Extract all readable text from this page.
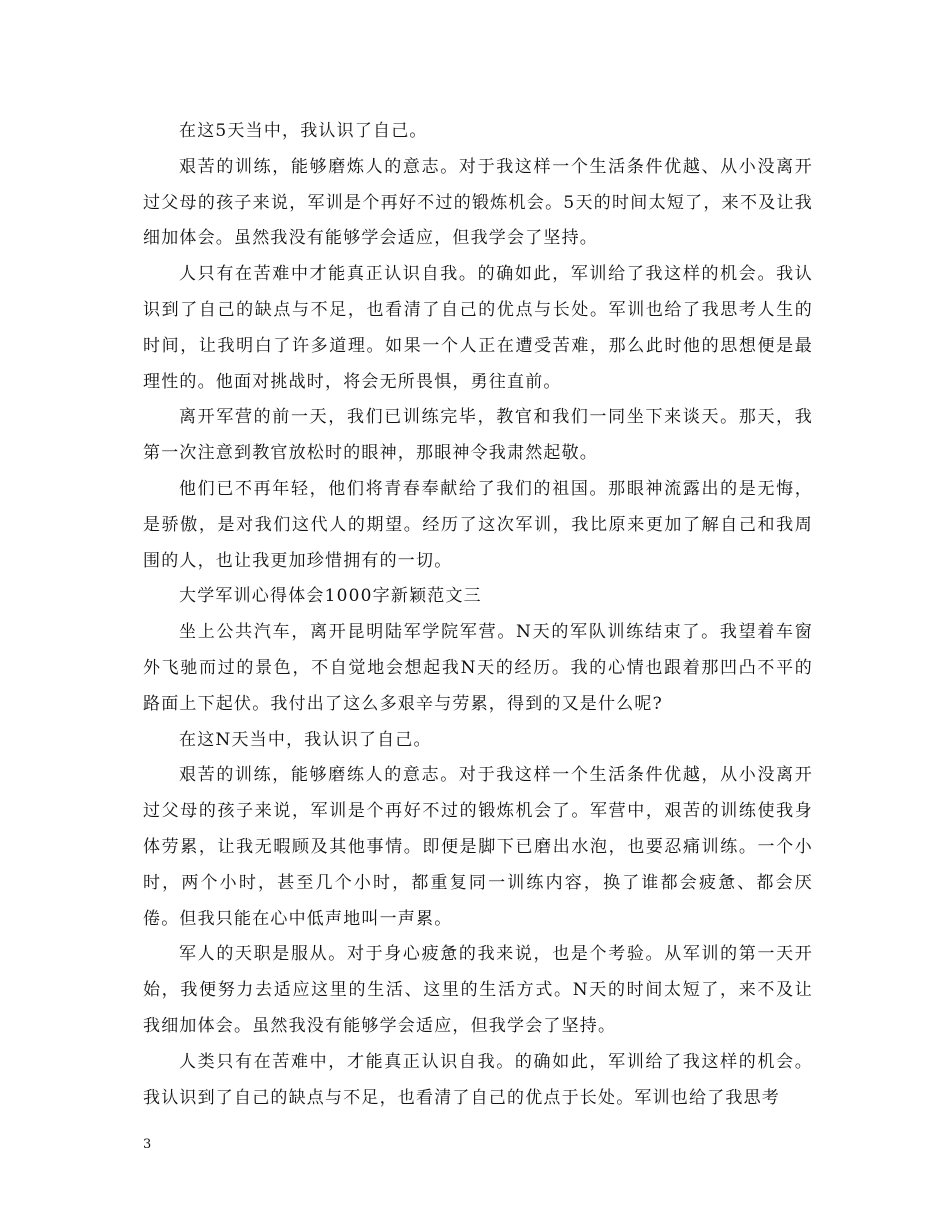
在这5天当中，我认识了自己。

艰苦的训练，能够磨炼人的意志。对于我这样一个生活条件优越、从小没离开过父母的孩子来说，军训是个再好不过的锻炼机会。5天的时间太短了，来不及让我细加体会。虽然我没有能够学会适应，但我学会了坚持。

人只有在苦难中才能真正认识自我。的确如此，军训给了我这样的机会。我认识到了自己的缺点与不足，也看清了自己的优点与长处。军训也给了我思考人生的时间，让我明白了许多道理。如果一个人正在遭受苦难，那么此时他的思想便是最理性的。他面对挑战时，将会无所畏惧，勇往直前。

离开军营的前一天，我们已训练完毕，教官和我们一同坐下来谈天。那天，我第一次注意到教官放松时的眼神，那眼神令我肃然起敬。

他们已不再年轻，他们将青春奉献给了我们的祖国。那眼神流露出的是无悔，是骄傲，是对我们这代人的期望。经历了这次军训，我比原来更加了解自己和我周围的人，也让我更加珍惜拥有的一切。

大学军训心得体会1000字新颖范文三

坐上公共汽车，离开昆明陆军学院军营。N天的军队训练结束了。我望着车窗外飞驰而过的景色，不自觉地会想起我N天的经历。我的心情也跟着那凹凸不平的路面上下起伏。我付出了这么多艰辛与劳累，得到的又是什么呢?

在这N天当中，我认识了自己。

艰苦的训练，能够磨练人的意志。对于我这样一个生活条件优越，从小没离开过父母的孩子来说，军训是个再好不过的锻炼机会了。军营中，艰苦的训练使我身体劳累，让我无暇顾及其他事情。即便是脚下已磨出水泡，也要忍痛训练。一个小时，两个小时，甚至几个小时，都重复同一训练内容，换了谁都会疲惫、都会厌倦。但我只能在心中低声地叫一声累。

军人的天职是服从。对于身心疲惫的我来说，也是个考验。从军训的第一天开始，我便努力去适应这里的生活、这里的生活方式。N天的时间太短了，来不及让我细加体会。虽然我没有能够学会适应，但我学会了坚持。

人类只有在苦难中，才能真正认识自我。的确如此，军训给了我这样的机会。我认识到了自己的缺点与不足，也看清了自己的优点于长处。军训也给了我思考

3
